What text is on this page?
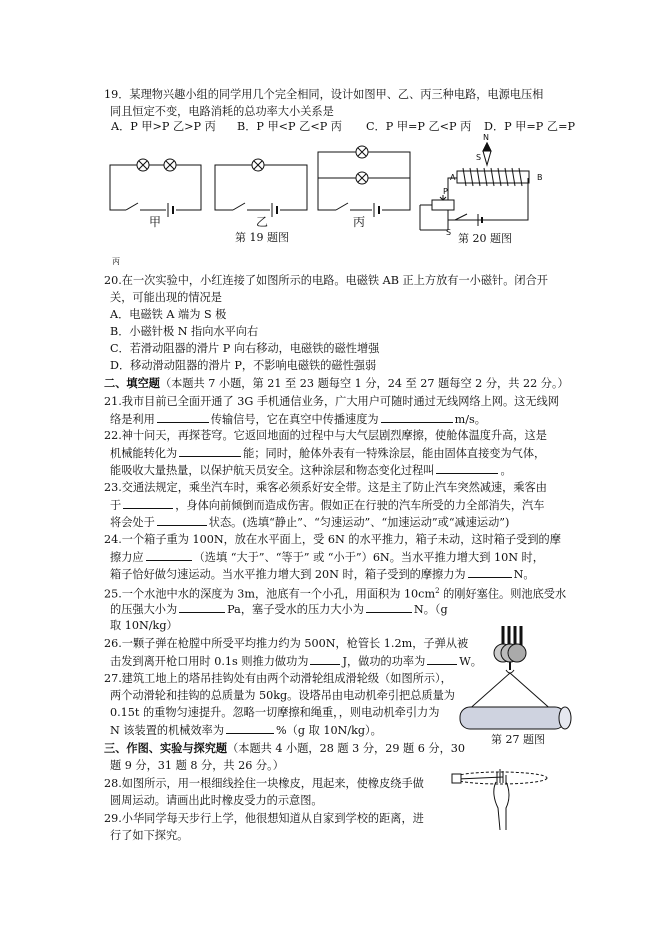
19．某理物兴趣小组的同学用几个完全相同，设计如图甲、乙、丙三种电路，电源电压相
同且恒定不变，电路消耗的总功率大小关系是
A．P 甲>P 乙>P 丙 B．P 甲<P 乙<P 丙 C．P 甲=P 乙<P 丙 D．P 甲=P 乙=P
甲	乙	丙
第 19 题图
丙
N
S
A	B
P
S 第 20 题图
20.在一次实验中，小红连接了如图所示的电路。电磁铁 AB 正上方放有一小磁针。闭合开
关，可能出现的情况是
A．电磁铁 A 端为 S 极
B．小磁针极 N 指向水平向右
C．若滑动阻器的滑片 P 向右移动，电磁铁的磁性增强
D．移动滑动阻器的滑片 P，不影响电磁铁的磁性强弱
二、填空题（本题共 7 小题，第 21 至 23 题每空 1 分，24 至 27 题每空 2 分，共 22 分。）
21.我市目前已全面开通了 3G 手机通信业务，广大用户可随时通过无线网络上网。这无线网
络是利用	传输信号，它在真空中传播速度为	m/s。
22.神十问天，再探苍穹。它返回地面的过程中与大气层剧烈摩擦，使舱体温度升高，这是
机械能转化为	能；同时，舱体外表有一特殊涂层，能由固体直接变为气体，
能吸收大量热量，以保护航天员安全。这种涂层和物态变化过程叫	。
23.交通法规定，乘坐汽车时，乘客必须系好安全带。这是主了防止汽车突然减速，乘客由
于	，身体向前倾倒而造成伤害。假如正在行驶的汽车所受的力全部消失，汽车
将会处于	状态。(选填“静止”、“匀速运动”、“加速运动”或“减速运动”)
24.一个箱子重为 100N，放在水平面上，受 6N 的水平推力，箱子未动，这时箱子受到的摩
擦力应	（选填 “大于”、“等于” 或 “小于”）6N。当水平推力增大到 10N 时，
箱子恰好做匀速运动。当水平推力增大到 20N 时，箱子受到的摩擦力为	N。
25.一个水池中水的深度为 3m，池底有一个小孔，用面积为 $10cm^2$ 的刚好塞住。则池底受水
的压强大小为	Pa，塞子受水的压力大小为	N。（g
取 10N/kg）
26.一颗子弹在枪膛中所受平均推力约为 500N，枪管长 1.2m，子弹从被
击发到离开枪口用时 0.1s 则推力做功为	J，做功的功率为	W。
27.建筑工地上的塔吊挂钩处有由两个动滑轮组成滑轮级（如图所示），
两个动滑轮和挂钩的总质量为 50kg。设塔吊由电动机牵引把总质量为
0.15t 的重物匀速提升。忽略一切摩擦和绳重，，则电动机牵引力为
N 该装置的机械效率为	%（g 取 10N/kg）。
第 27 题图
三、作图、实验与探究题（本题共 4 小题，28 题 3 分，29 题 6 分，30
题 9 分，31 题 8 分，共 26 分。）
28.如图所示，用一根细线拴住一块橡皮，甩起来，使橡皮绕手做
圆周运动。请画出此时橡皮受力的示意图。
29.小华同学每天步行上学，他很想知道从自家到学校的距离，进
行了如下探究。
